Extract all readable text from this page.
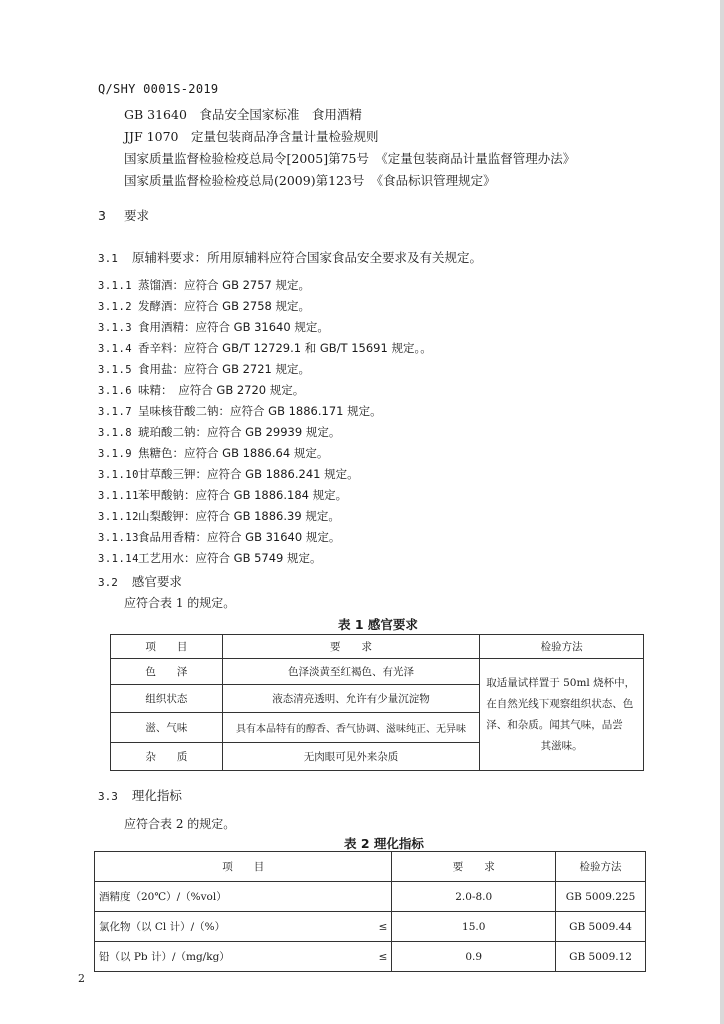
Q/SHY 0001S-2019
GB 31640　食品安全国家标准　食用酒精
JJF 1070　定量包装商品净含量计量检验规则
国家质量监督检验检疫总局令[2005]第75号　《定量包装商品计量监督管理办法》
国家质量监督检验检疫总局(2009)第123号　《食品标识管理规定》
3 要求
3.1 原辅料要求：所用原辅料应符合国家食品安全要求及有关规定。
3.1.1 蒸馏酒：应符合 GB 2757 规定。
3.1.2 发酵酒：应符合 GB 2758 规定。
3.1.3 食用酒精：应符合 GB 31640 规定。
3.1.4 香辛料：应符合 GB/T 12729.1 和 GB/T 15691 规定。。
3.1.5 食用盐：应符合 GB 2721 规定。
3.1.6 味精：　应符合 GB 2720 规定。
3.1.7 呈味核苷酸二钠：应符合 GB 1886.171 规定。
3.1.8 琥珀酸二钠：应符合 GB 29939 规定。
3.1.9 焦糖色：应符合 GB 1886.64 规定。
3.1.10甘草酸三钾：应符合 GB 1886.241 规定。
3.1.11苯甲酸钠：应符合 GB 1886.184 规定。
3.1.12山梨酸钾：应符合 GB 1886.39 规定。
3.1.13食品用香精：应符合 GB 31640 规定。
3.1.14工艺用水：应符合 GB 5749 规定。
3.2 感官要求
应符合表 1 的规定。
表 1 感官要求
项　　目	要　　求	检验方法
色　　泽	色泽淡黄至红褐色、有光泽	取适量试样置于 50ml 烧杯中，
在自然光线下观察组织状态、色
泽、和杂质。闻其气味，品尝
其滋味。

组织状态	液态清亮透明、允许有少量沉淀物	
滋、气味	具有本品特有的醇香、香气协调、滋味纯正、无异味	
杂　　质	无肉眼可见外来杂质	
3.3 理化指标
应符合表 2 的规定。
表 2 理化指标
项　　目		要　　求	检验方法
酒精度（20℃）/（%vol）		2.0-8.0	GB 5009.225
氯化物（以 Cl 计）/（%）	≤	15.0	GB 5009.44
铅（以 Pb 计）/（mg/kg）	≤	0.9	GB 5009.12
2
